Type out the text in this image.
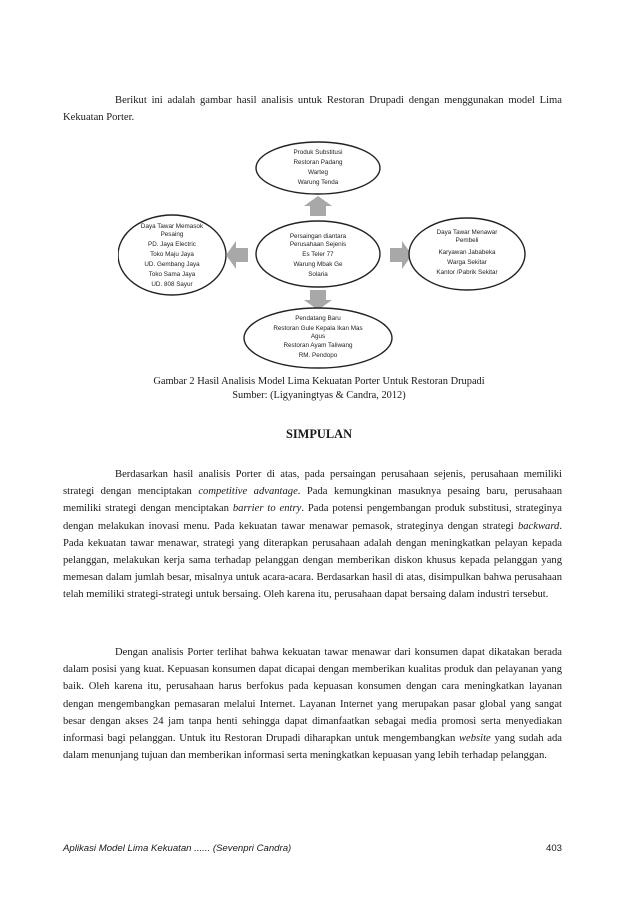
Berikut ini adalah gambar hasil analisis untuk Restoran Drupadi dengan menggunakan model Lima Kekuatan Porter.

Produk Substitusi
Restoran Padang
Warteg
Warung Tenda
Daya Tawar Memasok
Pesaing
PD. Jaya Electric
Toko Maju Jaya
UD. Gembang Jaya
Toko Sama Jaya
UD. 808 Sayur
Persaingan diantara
Perusahaan Sejenis
Es Teler 77
Warung Mbak Ge
Solaria
Daya Tawar Menawar
Pembeli
Karyawan Jababeka
Warga Sekitar
Kantor /Pabrik Sekitar
Pendatang Baru
Restoran Gule Kepala Ikan Mas
Agus
Restoran Ayam Taliwang
RM. Pendopo

Gambar 2 Hasil Analisis Model Lima Kekuatan Porter Untuk Restoran Drupadi

Sumber: (Ligyaningtyas & Candra, 2012)

SIMPULAN

Berdasarkan hasil analisis Porter di atas, pada persaingan perusahaan sejenis, perusahaan memiliki strategi dengan menciptakan competitive advantage. Pada kemungkinan masuknya pesaing baru, perusahaan memiliki strategi dengan menciptakan barrier to entry. Pada potensi pengembangan produk substitusi, strateginya dengan melakukan inovasi menu. Pada kekuatan tawar menawar pemasok, strateginya dengan strategi backward. Pada kekuatan tawar menawar, strategi yang diterapkan perusahaan adalah dengan meningkatkan pelayan kepada pelanggan, melakukan kerja sama terhadap pelanggan dengan memberikan diskon khusus kepada pelanggan yang memesan dalam jumlah besar, misalnya untuk acara-acara. Berdasarkan hasil di atas, disimpulkan bahwa perusahaan telah memiliki strategi-strategi untuk bersaing. Oleh karena itu, perusahaan dapat bersaing dalam industri tersebut.

Dengan analisis Porter terlihat bahwa kekuatan tawar menawar dari konsumen dapat dikatakan berada dalam posisi yang kuat. Kepuasan konsumen dapat dicapai dengan memberikan kualitas produk dan pelayanan yang baik. Oleh karena itu, perusahaan harus berfokus pada kepuasan konsumen dengan cara meningkatkan layanan dengan mengembangkan pemasaran melalui Internet. Layanan Internet yang merupakan pasar global yang sangat besar dengan akses 24 jam tanpa henti sehingga dapat dimanfaatkan sebagai media promosi serta menyediakan informasi bagi pelanggan. Untuk itu Restoran Drupadi diharapkan untuk mengembangkan website yang sudah ada dalam menunjang tujuan dan memberikan informasi serta meningkatkan kepuasan yang lebih terhadap pelanggan.

Aplikasi Model Lima Kekuatan ...... (Sevenpri Candra)	403
